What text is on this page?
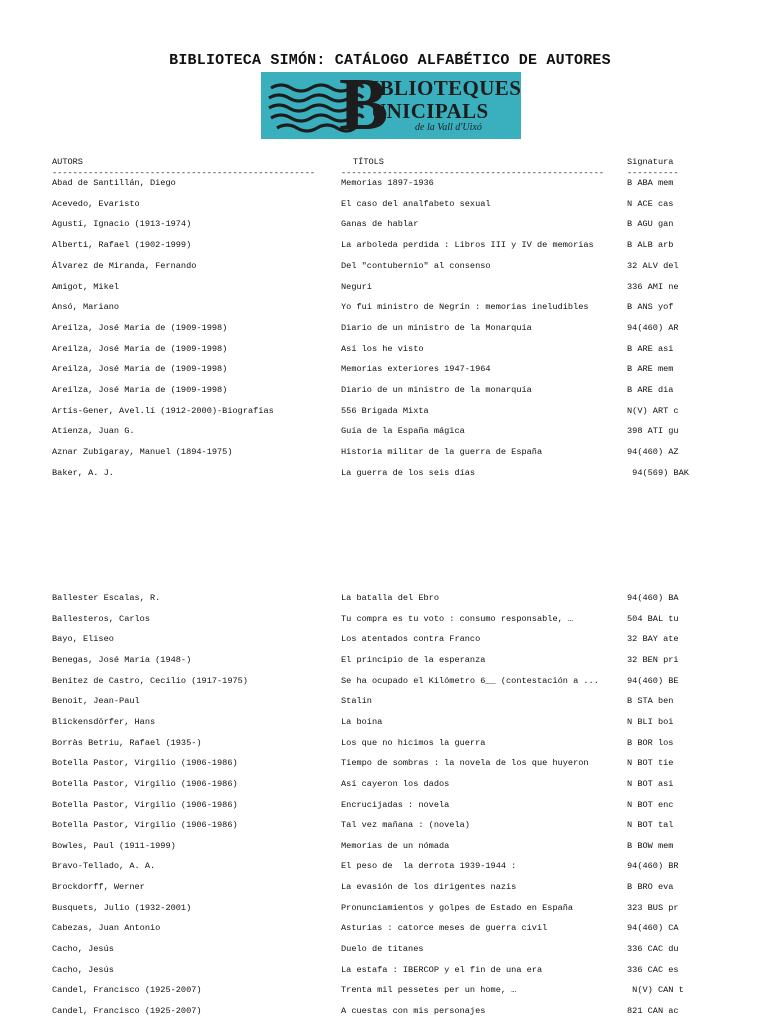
BIBLIOTECA SIMÓN: CATÁLOGO ALFABÉTICO DE AUTORES
B
IBLIOTEQUES
UNICIPALS
de la Vall d'Uixó
AUTORS	TÍTOLS	Signatura
---------------------------------------------------	---------------------------------------------------	----------
Abad de Santillán, Diego	Memorias 1897-1936	B ABA mem
Acevedo, Evaristo	El caso del analfabeto sexual	N ACE cas
Agustí, Ignacio (1913-1974)	Ganas de hablar	B AGU gan
Alberti, Rafael (1902-1999)	La arboleda perdida : Libros III y IV de memorias	B ALB arb
Álvarez de Miranda, Fernando	Del "contubernio" al consenso	32 ALV del
Amigot, Mikel	Neguri	336 AMI ne
Ansó, Mariano	Yo fui ministro de Negrín : memorias ineludibles	B ANS yof
Areilza, José María de (1909-1998)	Diario de un ministro de la Monarquía	94(460) AR
Areilza, José María de (1909-1998)	Así los he visto	B ARE asi
Areilza, José María de (1909-1998)	Memorias exteriores 1947-1964	B ARE mem
Areilza, José María de (1909-1998)	Diario de un ministro de la monarquía	B ARE dia
Artís-Gener, Avel.lí (1912-2000)-Biografías	556 Brigada Mixta	N(V) ART c
Atienza, Juan G.	Guía de la España mágica	398 ATI gu
Aznar Zubigaray, Manuel (1894-1975)	Historia militar de la guerra de España	94(460) AZ
Baker, A. J.	La guerra de los seis días	94(569) BAK
Ballester Escalas, R.	La batalla del Ebro	94(460) BA
Ballesteros, Carlos	Tu compra es tu voto : consumo responsable, …	504 BAL tu
Bayo, Eliseo	Los atentados contra Franco	32 BAY ate
Benegas, José María (1948-)	El principio de la esperanza	32 BEN pri
Benítez de Castro, Cecilio (1917-1975)	Se ha ocupado el Kilómetro 6__ (contestación a ...	94(460) BE
Benoit, Jean-Paul	Stalin	B STA ben
Blickensdörfer, Hans	La boina	N BLI boi
Borràs Betriu, Rafael (1935-)	Los que no hicimos la guerra	B BOR los
Botella Pastor, Virgilio (1906-1986)	Tiempo de sombras : la novela de los que huyeron	N BOT tie
Botella Pastor, Virgilio (1906-1986)	Así cayeron los dados	N BOT asi
Botella Pastor, Virgilio (1906-1986)	Encrucijadas : novela	N BOT enc
Botella Pastor, Virgilio (1906-1986)	Tal vez mañana : (novela)	N BOT tal
Bowles, Paul (1911-1999)	Memorias de un nómada	B BOW mem
Bravo-Tellado, A. A.	El peso de  la derrota 1939-1944 :	94(460) BR
Brockdorff, Werner	La evasión de los dirigentes nazis	B BRO eva
Busquets, Julio (1932-2001)	Pronunciamientos y golpes de Estado en España	323 BUS pr
Cabezas, Juan Antonio	Asturias : catorce meses de guerra civil	94(460) CA
Cacho, Jesús	Duelo de titanes	336 CAC du
Cacho, Jesús	La estafa : IBERCOP y el fin de una era	336 CAC es
Candel, Francisco (1925-2007)	Trenta mil pessetes per un home, …	N(V) CAN t
Candel, Francisco (1925-2007)	A cuestas con mis personajes	821 CAN ac
